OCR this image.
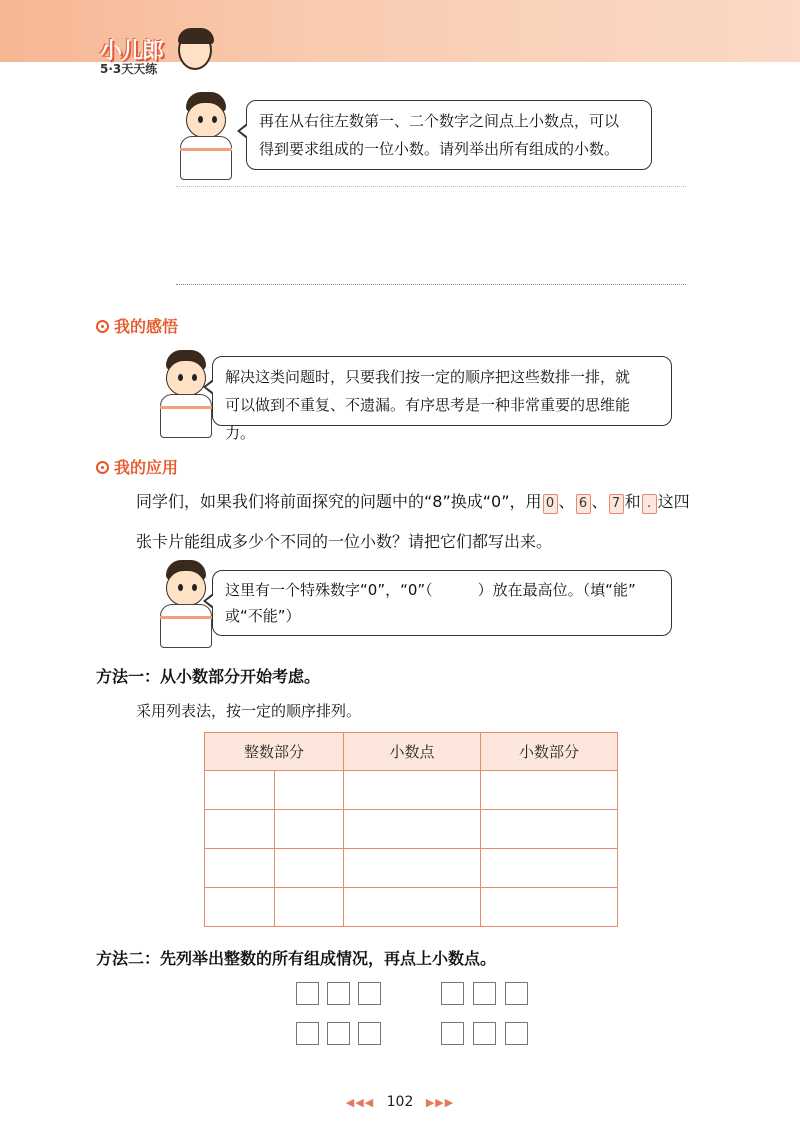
小儿郎
5·3天天练
再在从右往左数第一、二个数字之间点上小数点，可以
得到要求组成的一位小数。请列举出所有组成的小数。
我的感悟
解决这类问题时，只要我们按一定的顺序把这些数排一排，就
可以做到不重复、不遗漏。有序思考是一种非常重要的思维能力。
我的应用
同学们，如果我们将前面探究的问题中的“8”换成“0”，用 0 、 6 、 7 和 . 这四
张卡片能组成多少个不同的一位小数？请把它们都写出来。
这里有一个特殊数字“0”，“0”（　　　）放在最高位。（填“能”
或“不能”）
方法一：从小数部分开始考虑。
采用列表法，按一定的顺序排列。
整数部分		小数点	小数部分

方法二：先列举出整数的所有组成情况，再点上小数点。
◀◀◀ 102 ▶▶▶
